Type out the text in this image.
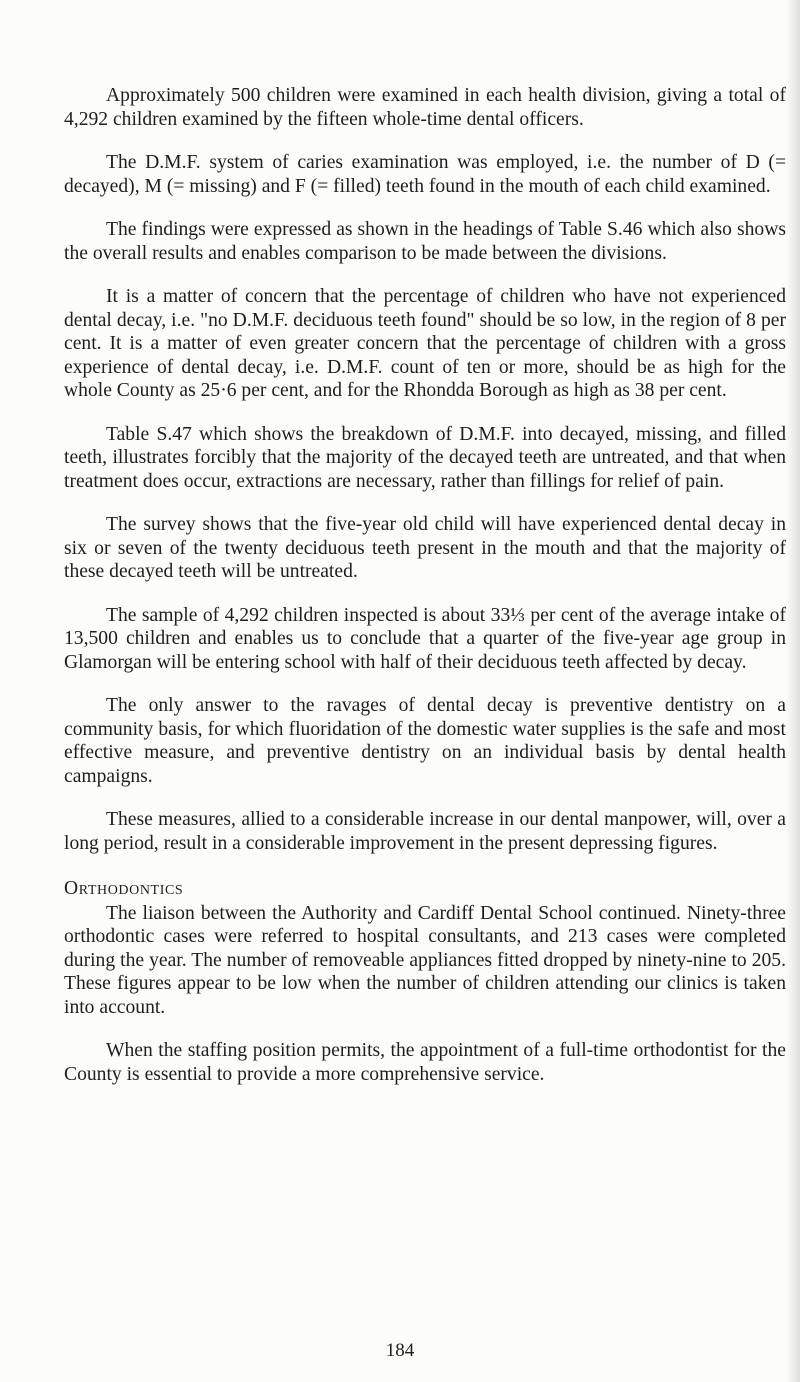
Approximately 500 children were examined in each health division, giving a total of 4,292 children examined by the fifteen whole-time dental officers.

The D.M.F. system of caries examination was employed, i.e. the number of D (= decayed), M (= missing) and F (= filled) teeth found in the mouth of each child examined.

The findings were expressed as shown in the headings of Table S.46 which also shows the overall results and enables comparison to be made between the divisions.

It is a matter of concern that the percentage of children who have not experienced dental decay, i.e. "no D.M.F. deciduous teeth found" should be so low, in the region of 8 per cent. It is a matter of even greater concern that the percentage of children with a gross experience of dental decay, i.e. D.M.F. count of ten or more, should be as high for the whole County as 25·6 per cent, and for the Rhondda Borough as high as 38 per cent.

Table S.47 which shows the breakdown of D.M.F. into decayed, missing, and filled teeth, illustrates forcibly that the majority of the decayed teeth are untreated, and that when treatment does occur, extractions are necessary, rather than fillings for relief of pain.

The survey shows that the five-year old child will have experienced dental decay in six or seven of the twenty deciduous teeth present in the mouth and that the majority of these decayed teeth will be untreated.

The sample of 4,292 children inspected is about 33⅓ per cent of the average intake of 13,500 children and enables us to conclude that a quarter of the five-year age group in Glamorgan will be entering school with half of their deciduous teeth affected by decay.

The only answer to the ravages of dental decay is preventive dentistry on a community basis, for which fluoridation of the domestic water supplies is the safe and most effective measure, and preventive dentistry on an individual basis by dental health campaigns.

These measures, allied to a considerable increase in our dental manpower, will, over a long period, result in a considerable improvement in the present depressing figures.

Orthodontics

The liaison between the Authority and Cardiff Dental School continued. Ninety-three orthodontic cases were referred to hospital consultants, and 213 cases were completed during the year. The number of removeable appliances fitted dropped by ninety-nine to 205. These figures appear to be low when the number of children attending our clinics is taken into account.

When the staffing position permits, the appointment of a full-time orthodontist for the County is essential to provide a more comprehensive service.

184
